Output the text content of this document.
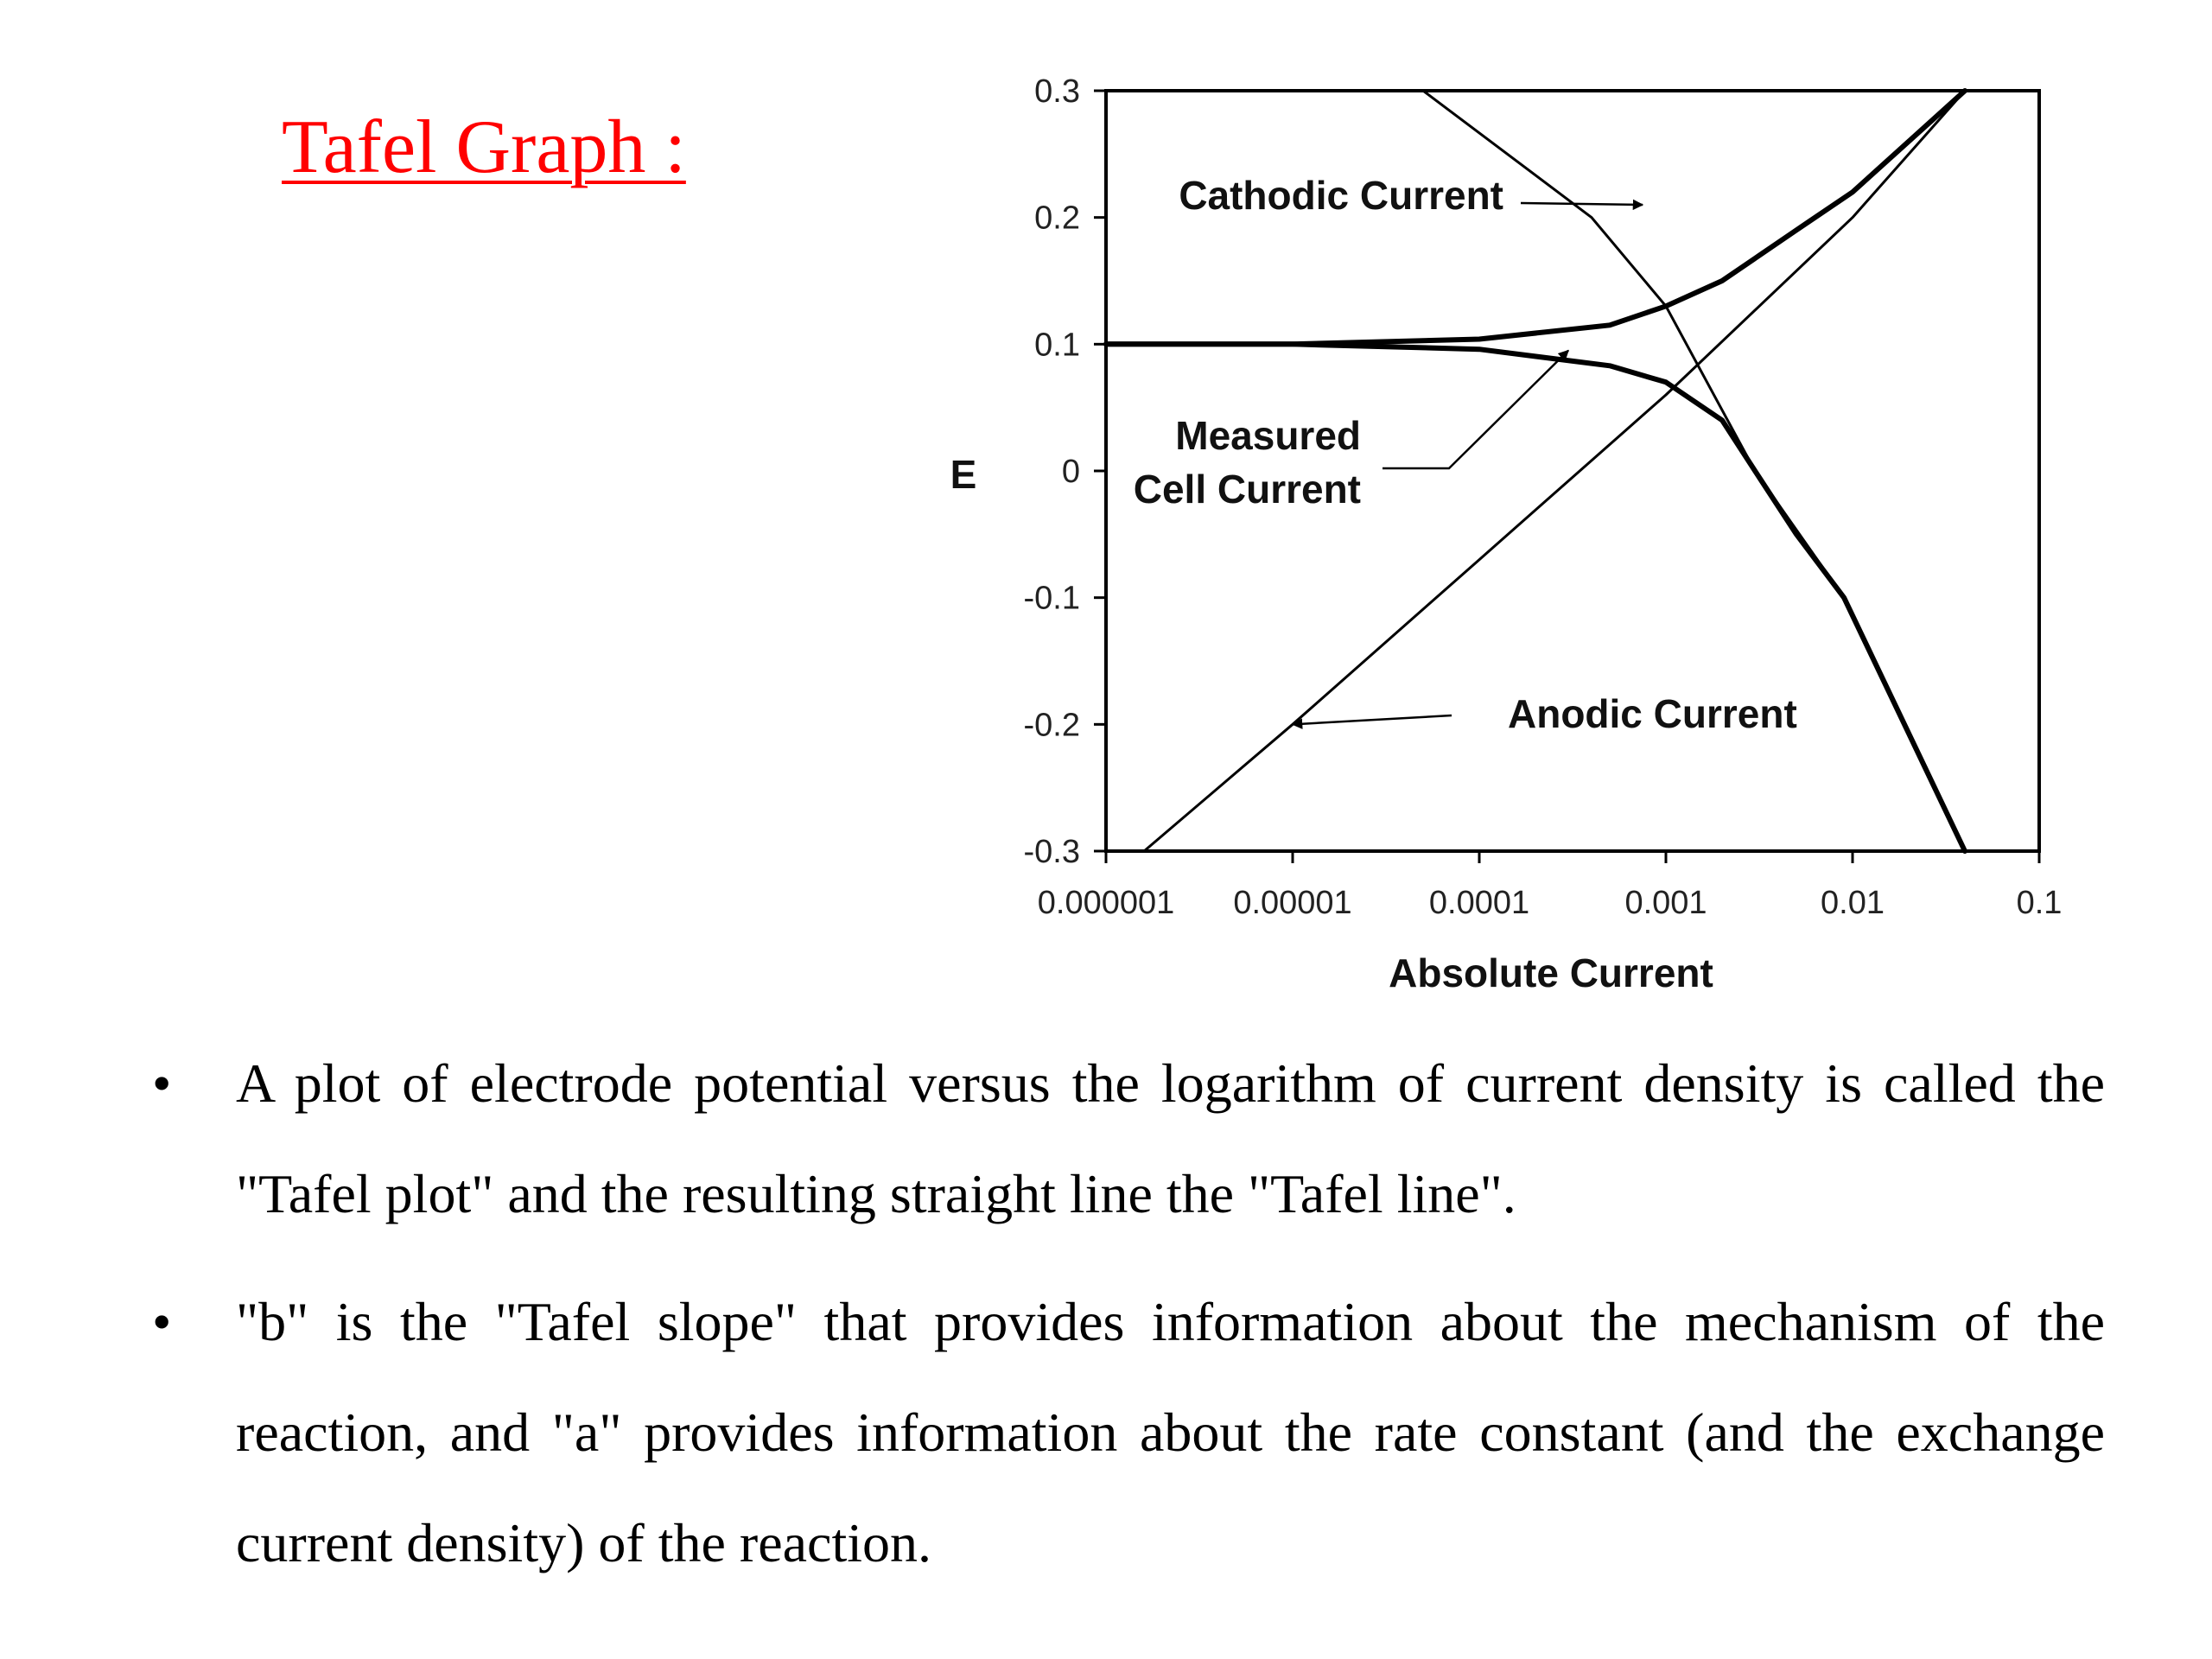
Tafel Graph :
0.3
0.2
0.1
0
-0.1
-0.2
-0.3
0.000001 0.00001 0.0001	0.001	0.01	0.1
Cathodic Current
Measured
Cell Current
Anodic Current
E
Absolute Current
• A plot of electrode potential versus the logarithm of current density is called the "Tafel plot" and the resulting straight line the "Tafel line".
• "b" is the "Tafel slope" that provides information about the mechanism of the reaction, and "a" provides information about the rate constant (and the exchange current density) of the reaction.
